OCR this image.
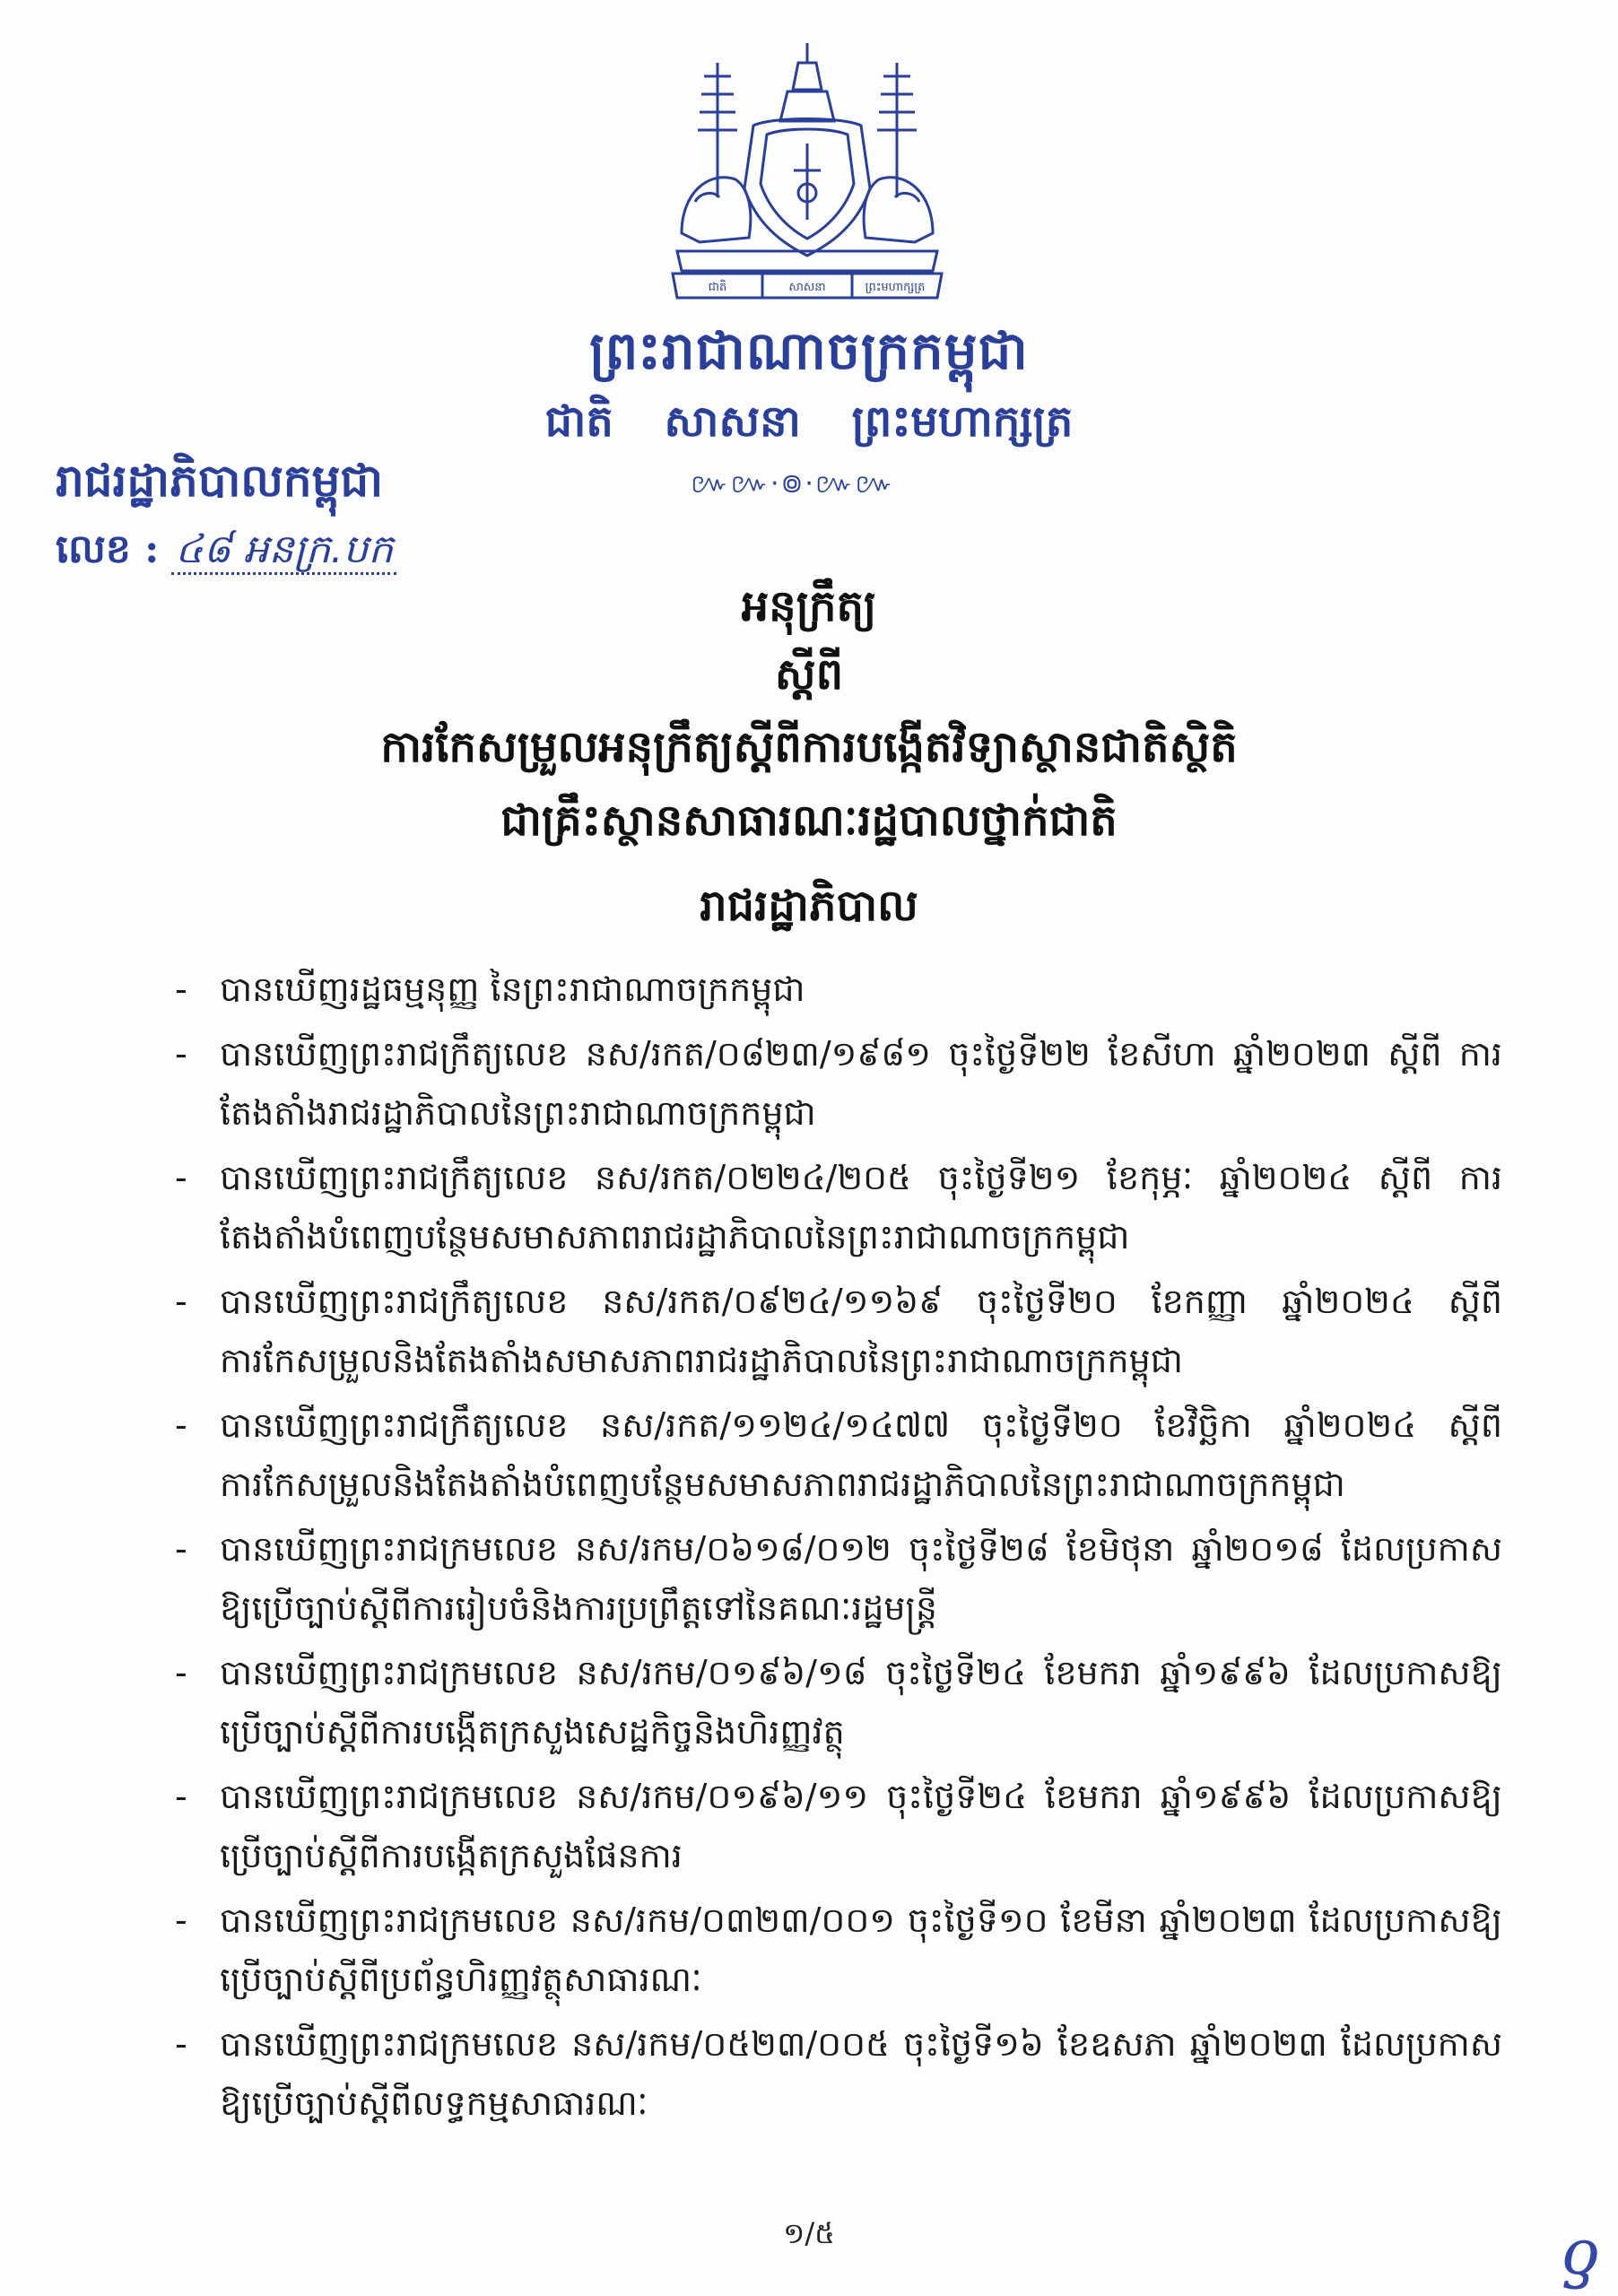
ជាតិ	សាសនា	ព្រះមហាក្សត្រ
ព្រះរាជាណាចក្រកម្ពុជា
ជាតិ សាសនា ព្រះមហាក្សត្រ
៚៚·៙·៚៚
រាជរដ្ឋាភិបាលកម្ពុជា
លេខ : ៤៨ អនក្រ.បក
អនុក្រឹត្យ
ស្តីពី
ការកែសម្រួលអនុក្រឹត្យស្តីពីការបង្កើតវិទ្យាស្ថានជាតិស្ថិតិ
ជាគ្រឹះស្ថានសាធារណៈរដ្ឋបាលថ្នាក់ជាតិ
រាជរដ្ឋាភិបាល
- បានឃើញរដ្ឋធម្មនុញ្ញ នៃព្រះរាជាណាចក្រកម្ពុជា
- បានឃើញព្រះរាជក្រឹត្យលេខ នស/រកត/០៨២៣/១៩៨១ ចុះថ្ងៃទី២២ ខែសីហា ឆ្នាំ២០២៣ ស្តីពី ការតែងតាំងរាជរដ្ឋាភិបាលនៃព្រះរាជាណាចក្រកម្ពុជា
- បានឃើញព្រះរាជក្រឹត្យលេខ នស/រកត/០២២៤/២០៥ ចុះថ្ងៃទី២១ ខែកុម្ភៈ ឆ្នាំ២០២៤ ស្តីពី ការតែងតាំងបំពេញបន្ថែមសមាសភាពរាជរដ្ឋាភិបាលនៃព្រះរាជាណាចក្រកម្ពុជា
- បានឃើញព្រះរាជក្រឹត្យលេខ នស/រកត/០៩២៤/១១៦៩ ចុះថ្ងៃទី២០ ខែកញ្ញា ឆ្នាំ២០២៤ ស្តីពី ការកែសម្រួលនិងតែងតាំងសមាសភាពរាជរដ្ឋាភិបាលនៃព្រះរាជាណាចក្រកម្ពុជា
- បានឃើញព្រះរាជក្រឹត្យលេខ នស/រកត/១១២៤/១៤៧៧ ចុះថ្ងៃទី២០ ខែវិច្ឆិកា ឆ្នាំ២០២៤ ស្តីពី ការកែសម្រួលនិងតែងតាំងបំពេញបន្ថែមសមាសភាពរាជរដ្ឋាភិបាលនៃព្រះរាជាណាចក្រកម្ពុជា
- បានឃើញព្រះរាជក្រមលេខ នស/រកម/០៦១៨/០១២ ចុះថ្ងៃទី២៨ ខែមិថុនា ឆ្នាំ២០១៨ ដែលប្រកាស ឱ្យប្រើច្បាប់ស្តីពីការរៀបចំនិងការប្រព្រឹត្តទៅនៃគណៈរដ្ឋមន្ត្រី
- បានឃើញព្រះរាជក្រមលេខ នស/រកម/០១៩៦/១៨ ចុះថ្ងៃទី២៤ ខែមករា ឆ្នាំ១៩៩៦ ដែលប្រកាសឱ្យ ប្រើច្បាប់ស្តីពីការបង្កើតក្រសួងសេដ្ឋកិច្ចនិងហិរញ្ញវត្ថុ
- បានឃើញព្រះរាជក្រមលេខ នស/រកម/០១៩៦/១១ ចុះថ្ងៃទី២៤ ខែមករា ឆ្នាំ១៩៩៦ ដែលប្រកាសឱ្យ ប្រើច្បាប់ស្តីពីការបង្កើតក្រសួងផែនការ
- បានឃើញព្រះរាជក្រមលេខ នស/រកម/០៣២៣/០០១ ចុះថ្ងៃទី១០ ខែមីនា ឆ្នាំ២០២៣ ដែលប្រកាសឱ្យ ប្រើច្បាប់ស្តីពីប្រព័ន្ធហិរញ្ញវត្ថុសាធារណៈ
- បានឃើញព្រះរាជក្រមលេខ នស/រកម/០៥២៣/០០៥ ចុះថ្ងៃទី១៦ ខែឧសភា ឆ្នាំ២០២៣ ដែលប្រកាស ឱ្យប្រើច្បាប់ស្តីពីលទ្ធកម្មសាធារណៈ
១/៥	ƍ
